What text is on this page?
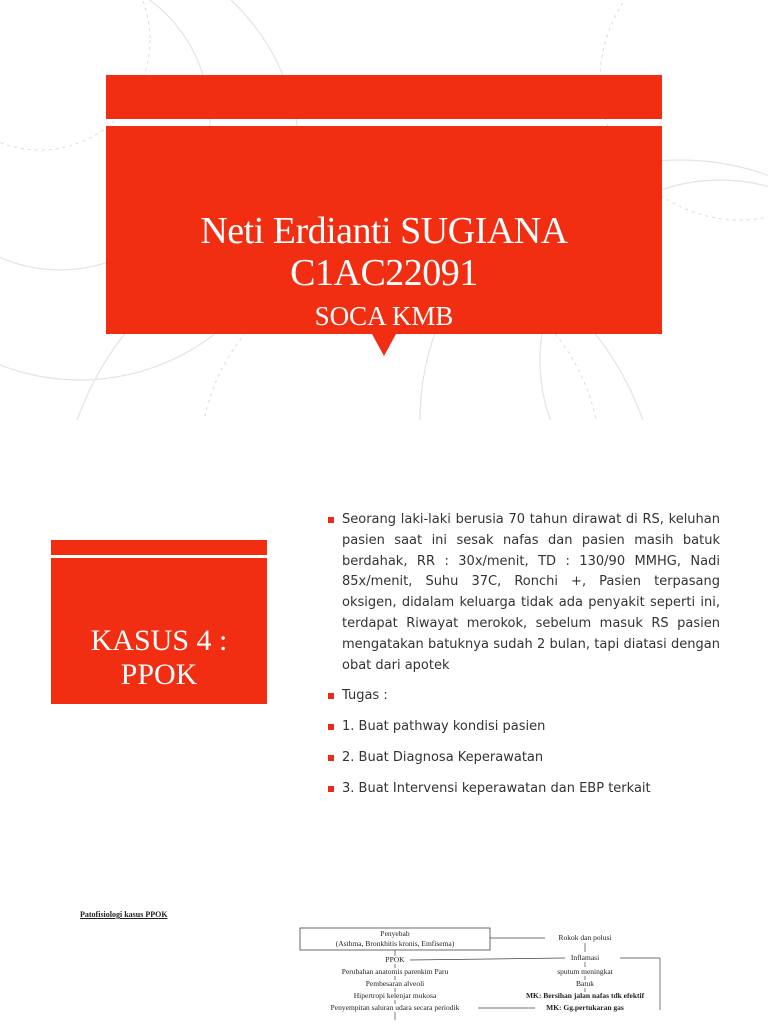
Neti Erdianti SUGIANA
C1AC22091
SOCA KMB
KASUS 4 :
PPOK
Seorang laki-laki berusia 70 tahun dirawat di RS, keluhan pasien saat ini sesak nafas dan pasien masih batuk berdahak, RR : 30x/menit, TD : 130/90 MMHG, Nadi 85x/menit, Suhu 37C, Ronchi +, Pasien terpasang oksigen, didalam keluarga tidak ada penyakit seperti ini, terdapat Riwayat merokok, sebelum masuk RS pasien mengatakan batuknya sudah 2 bulan, tapi diatasi dengan obat dari apotek
Tugas :
1. Buat pathway kondisi pasien
2. Buat Diagnosa Keperawatan
3. Buat Intervensi keperawatan dan EBP terkait
Patofisiologi kasus PPOK
Penyebab
(Asthma, Bronkhitis kronis, Emfisema)
Rokok dan polusi
PPOK	Inflamasi
Perubahan anatomis parenkim Paru	sputum meningkat
Pembesaran alveoli	Batuk
Hipertropi kelenjar mukosa	MK: Bersihan jalan nafas tdk efektif
Penyempitan saluran udara secara periodik	MK: Gg.pertukaran gas
